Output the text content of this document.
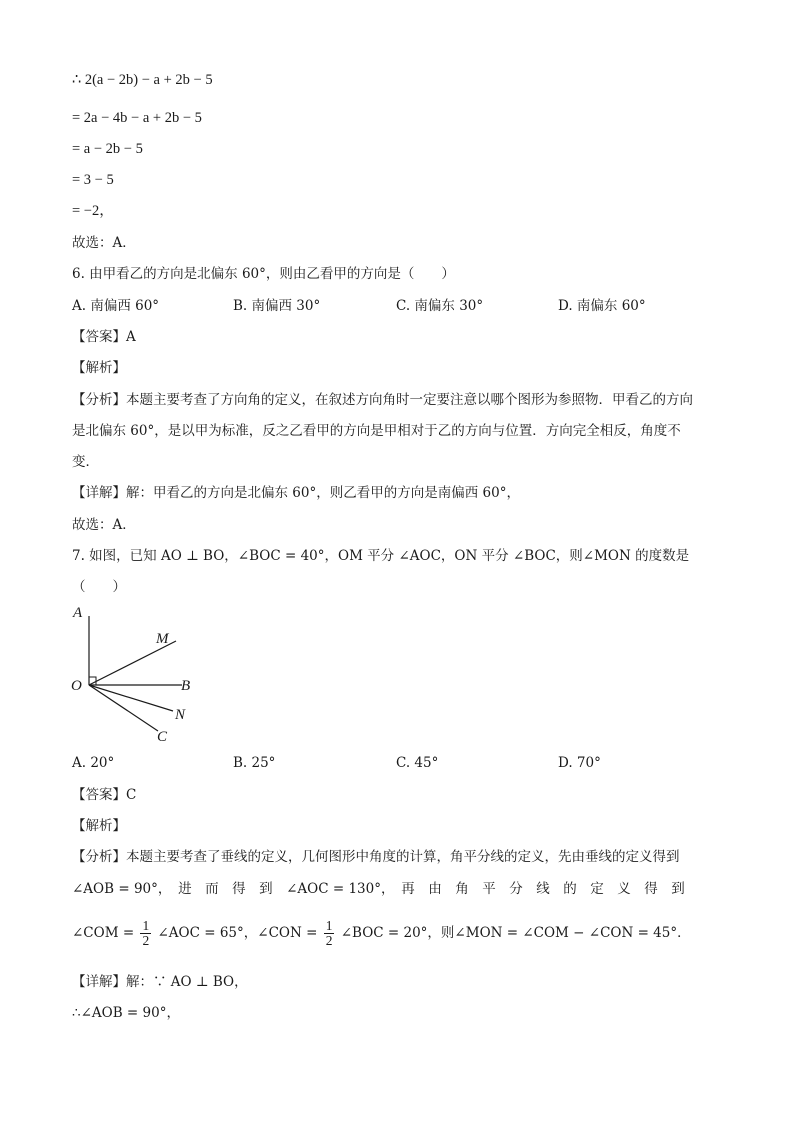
∴ 2(a − 2b) − a + 2b − 5
= 2a − 4b − a + 2b − 5
= a − 2b − 5
= 3 − 5
= −2，
故选：A．
6. 由甲看乙的方向是北偏东 60°，则由乙看甲的方向是（　　）
A. 南偏西 60°	B. 南偏西 30°	C. 南偏东 30°	D. 南偏东 60°
【答案】A
【解析】
【分析】本题主要考查了方向角的定义，在叙述方向角时一定要注意以哪个图形为参照物．甲看乙的方向
是北偏东 60°，是以甲为标准，反之乙看甲的方向是甲相对于乙的方向与位置．方向完全相反，角度不
变．
【详解】解：甲看乙的方向是北偏东 60°，则乙看甲的方向是南偏西 60°，
故选：A．
7. 如图，已知 AO ⊥ BO，∠BOC = 40°，OM 平分 ∠AOC，ON 平分 ∠BOC，则∠MON 的度数是
（　　）
A
M
O	B
N
C
A. 20°	B. 25°	C. 45°	D. 70°
【答案】C
【解析】
【分析】本题主要考查了垂线的定义，几何图形中角度的计算，角平分线的定义，先由垂线的定义得到
∠AOB = 90°，　进　而　得　到　∠AOC = 130°，　再　由　角　平　分　线　的　定　义　得　到
∠COM = $\frac{1}{2}$ ∠AOC = 65°，∠CON = $\frac{1}{2}$ ∠BOC = 20°，则∠MON = ∠COM − ∠CON = 45°．
【详解】解：∵ AO ⊥ BO，
∴∠AOB = 90°，
